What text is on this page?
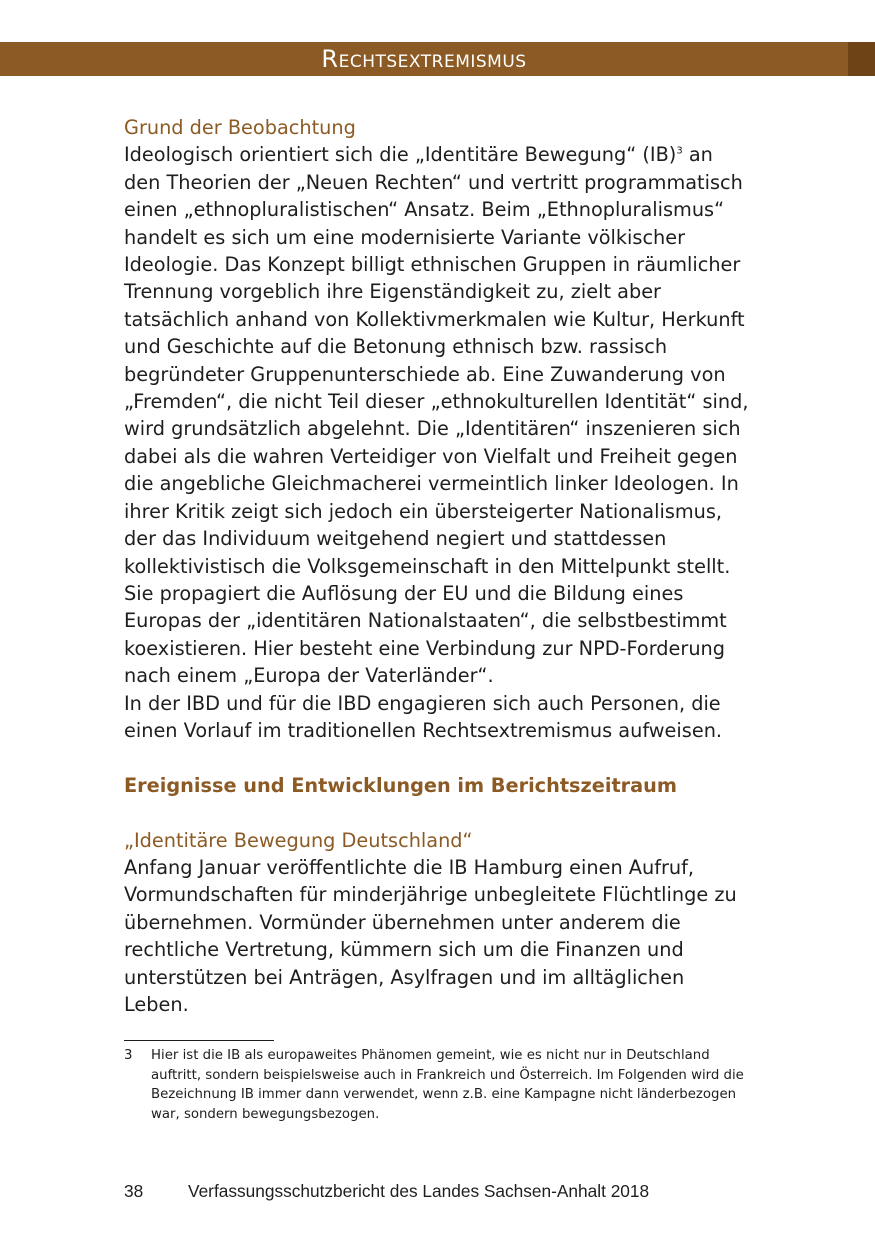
Rechtsextremismus
Grund der Beobachtung
Ideologisch orientiert sich die „Identitäre Bewegung“ (IB)$^3$ an den Theorien der „Neuen Rechten“ und vertritt programmatisch einen „ethnopluralistischen“ Ansatz. Beim „Ethnopluralismus“ handelt es sich um eine modernisierte Variante völkischer Ideologie. Das Konzept billigt ethnischen Gruppen in räumlicher Trennung vorgeblich ihre Eigenständigkeit zu, zielt aber tatsächlich anhand von Kollektivmerkmalen wie Kultur, Herkunft und Geschichte auf die Betonung ethnisch bzw. rassisch begründeter Gruppenunterschiede ab. Eine Zuwanderung von „Fremden“, die nicht Teil dieser „ethnokulturellen Identität“ sind, wird grundsätzlich abgelehnt. Die „Identitären“ inszenieren sich dabei als die wahren Verteidiger von Vielfalt und Freiheit gegen die angebliche Gleichmacherei vermeintlich linker Ideologen. In ihrer Kritik zeigt sich jedoch ein übersteigerter Nationalismus, der das Individuum weitgehend negiert und stattdessen kollektivistisch die Volksgemeinschaft in den Mittelpunkt stellt.
Sie propagiert die Auflösung der EU und die Bildung eines Europas der „identitären Nationalstaaten“, die selbstbestimmt koexistieren. Hier besteht eine Verbindung zur NPD-Forderung nach einem „Europa der Vaterländer“.
In der IBD und für die IBD engagieren sich auch Personen, die einen Vorlauf im traditionellen Rechtsextremismus aufweisen.
Ereignisse und Entwicklungen im Berichtszeitraum
„Identitäre Bewegung Deutschland“
Anfang Januar veröffentlichte die IB Hamburg einen Aufruf, Vormundschaften für minderjährige unbegleitete Flüchtlinge zu übernehmen. Vormünder übernehmen unter anderem die rechtliche Vertretung, kümmern sich um die Finanzen und unterstützen bei Anträgen, Asylfragen und im alltäglichen Leben.
3	Hier ist die IB als europaweites Phänomen gemeint, wie es nicht nur in Deutschland auftritt, sondern beispielsweise auch in Frankreich und Österreich. Im Folgenden wird die Bezeichnung IB immer dann verwendet, wenn z.B. eine Kampagne nicht länderbezogen war, sondern bewegungsbezogen.
38	Verfassungsschutzbericht des Landes Sachsen-Anhalt 2018
